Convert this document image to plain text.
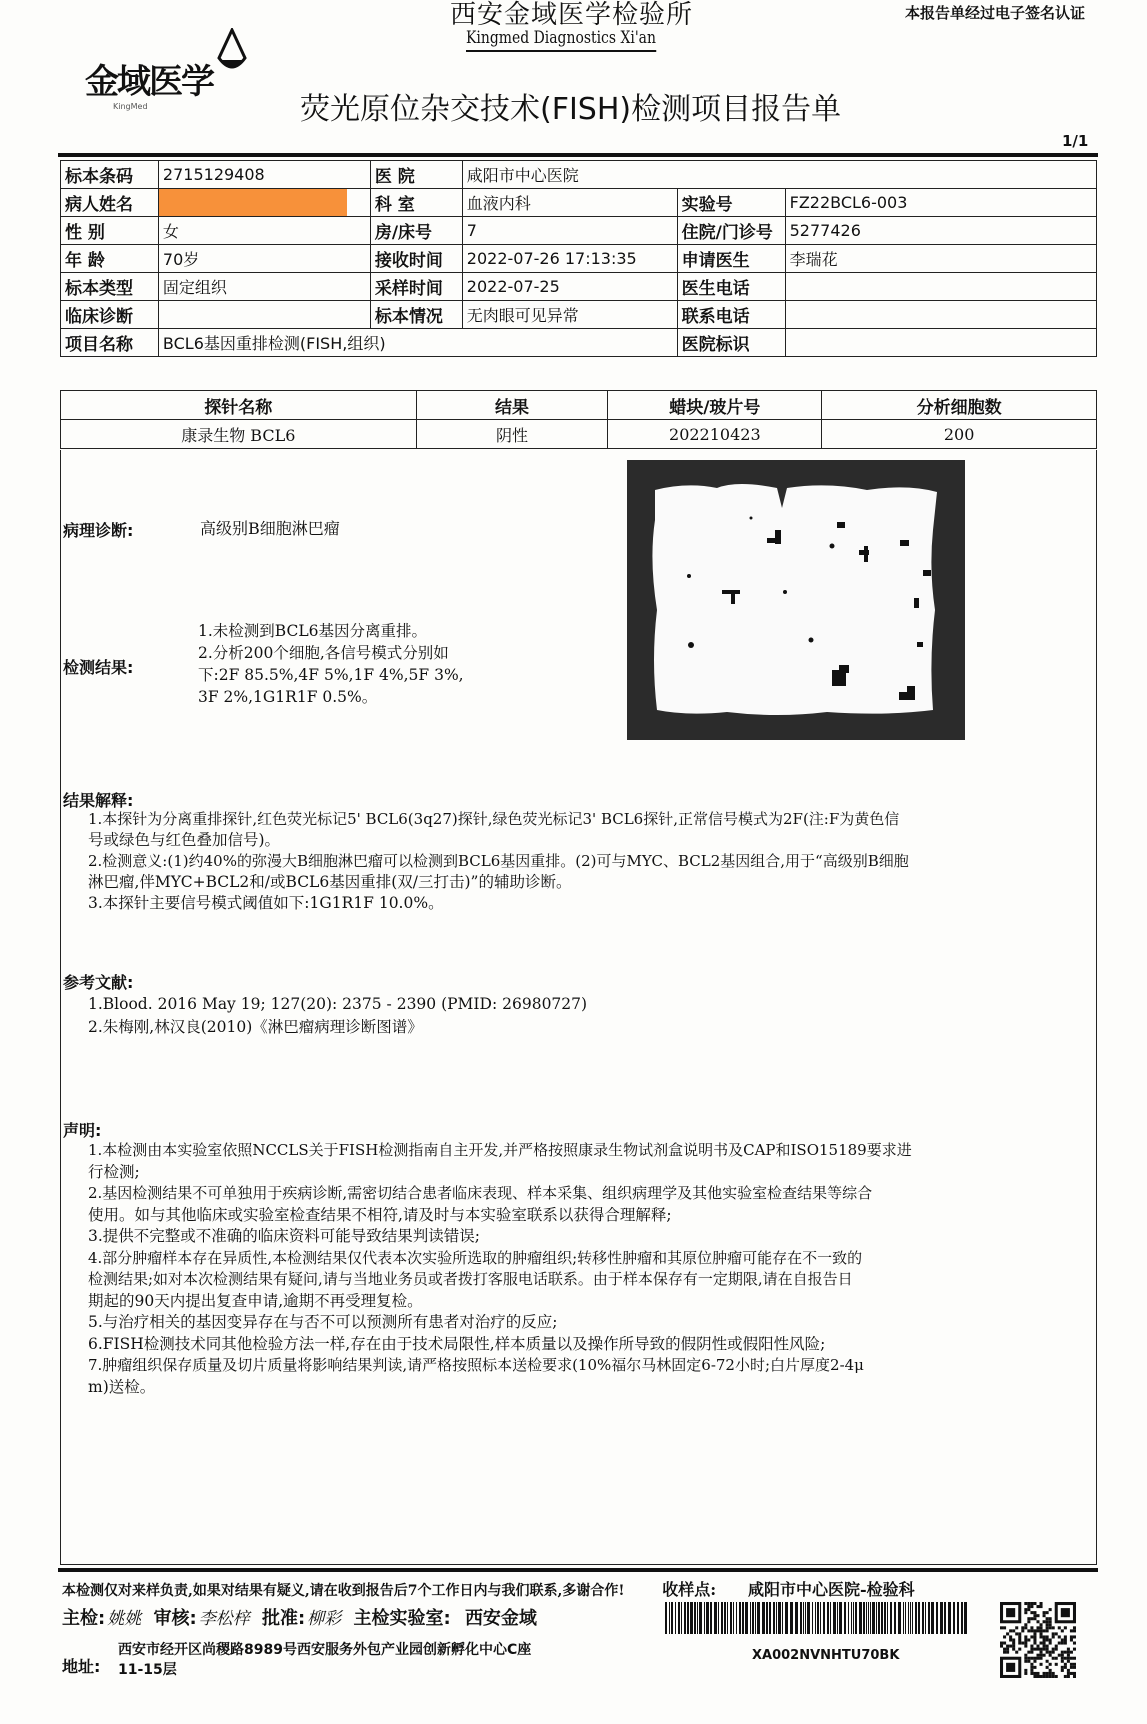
西安金域医学检验所
Kingmed Diagnostics Xi'an
本报告单经过电子签名认证
金域医学
KingMed	荧光原位杂交技术(FISH)检测项目报告单
1/1
标本条码	2715129408	医 院	咸阳市中心医院		
病人姓名		科 室	血液内科	实验号	FZ22BCL6-003
性 别	女	房/床号	7	住院/门诊号	5277426
年 龄	70岁	接收时间	2022-07-26 17:13:35	申请医生	李瑞花
标本类型	固定组织	采样时间	2022-07-25	医生电话	
临床诊断		标本情况	无肉眼可见异常	联系电话	
项目名称	BCL6基因重排检测(FISH,组织)			医院标识	
探针名称	结果	蜡块/玻片号	分析细胞数
康录生物 BCL6	阴性	202210423	200
病理诊断:	高级别B细胞淋巴瘤
检测结果:
1.未检测到BCL6基因分离重排。
2.分析200个细胞,各信号模式分别如
下:2F 85.5%,4F 5%,1F 4%,5F 3%,
3F 2%,1G1R1F 0.5%。
结果解释:
1.本探针为分离重排探针,红色荧光标记5' BCL6(3q27)探针,绿色荧光标记3' BCL6探针,正常信号模式为2F(注:F为黄色信
号或绿色与红色叠加信号)。
2.检测意义:(1)约40%的弥漫大B细胞淋巴瘤可以检测到BCL6基因重排。(2)可与MYC、BCL2基因组合,用于“高级别B细胞
淋巴瘤,伴MYC+BCL2和/或BCL6基因重排(双/三打击)”的辅助诊断。
3.本探针主要信号模式阈值如下:1G1R1F 10.0%。
参考文献:
1.Blood. 2016 May 19; 127(20): 2375 - 2390 (PMID: 26980727)
2.朱梅刚,林汉良(2010)《淋巴瘤病理诊断图谱》
声明:
1.本检测由本实验室依照NCCLS关于FISH检测指南自主开发,并严格按照康录生物试剂盒说明书及CAP和ISO15189要求进
行检测;
2.基因检测结果不可单独用于疾病诊断,需密切结合患者临床表现、样本采集、组织病理学及其他实验室检查结果等综合
使用。如与其他临床或实验室检查结果不相符,请及时与本实验室联系以获得合理解释;
3.提供不完整或不准确的临床资料可能导致结果判读错误;
4.部分肿瘤样本存在异质性,本检测结果仅代表本次实验所选取的肿瘤组织;转移性肿瘤和其原位肿瘤可能存在不一致的
检测结果;如对本次检测结果有疑问,请与当地业务员或者拨打客服电话联系。由于样本保存有一定期限,请在自报告日
期起的90天内提出复查申请,逾期不再受理复检。
5.与治疗相关的基因变异存在与否不可以预测所有患者对治疗的反应;
6.FISH检测技术同其他检验方法一样,存在由于技术局限性,样本质量以及操作所导致的假阴性或假阳性风险;
7.肿瘤组织保存质量及切片质量将影响结果判读,请严格按照标本送检要求(10%福尔马林固定6-72小时;白片厚度2-4μ
m)送检。
本检测仅对来样负责,如果对结果有疑义,请在收到报告后7个工作日内与我们联系,多谢合作! 收样点: 咸阳市中心医院-检验科
主检: 姚姚 审核: 李松梓 批准: 柳彩 主检实验室: 西安金域
地址:
西安市经开区尚稷路8989号西安服务外包产业园创新孵化中心C座
11-15层
XA002NVNHTU70BK
